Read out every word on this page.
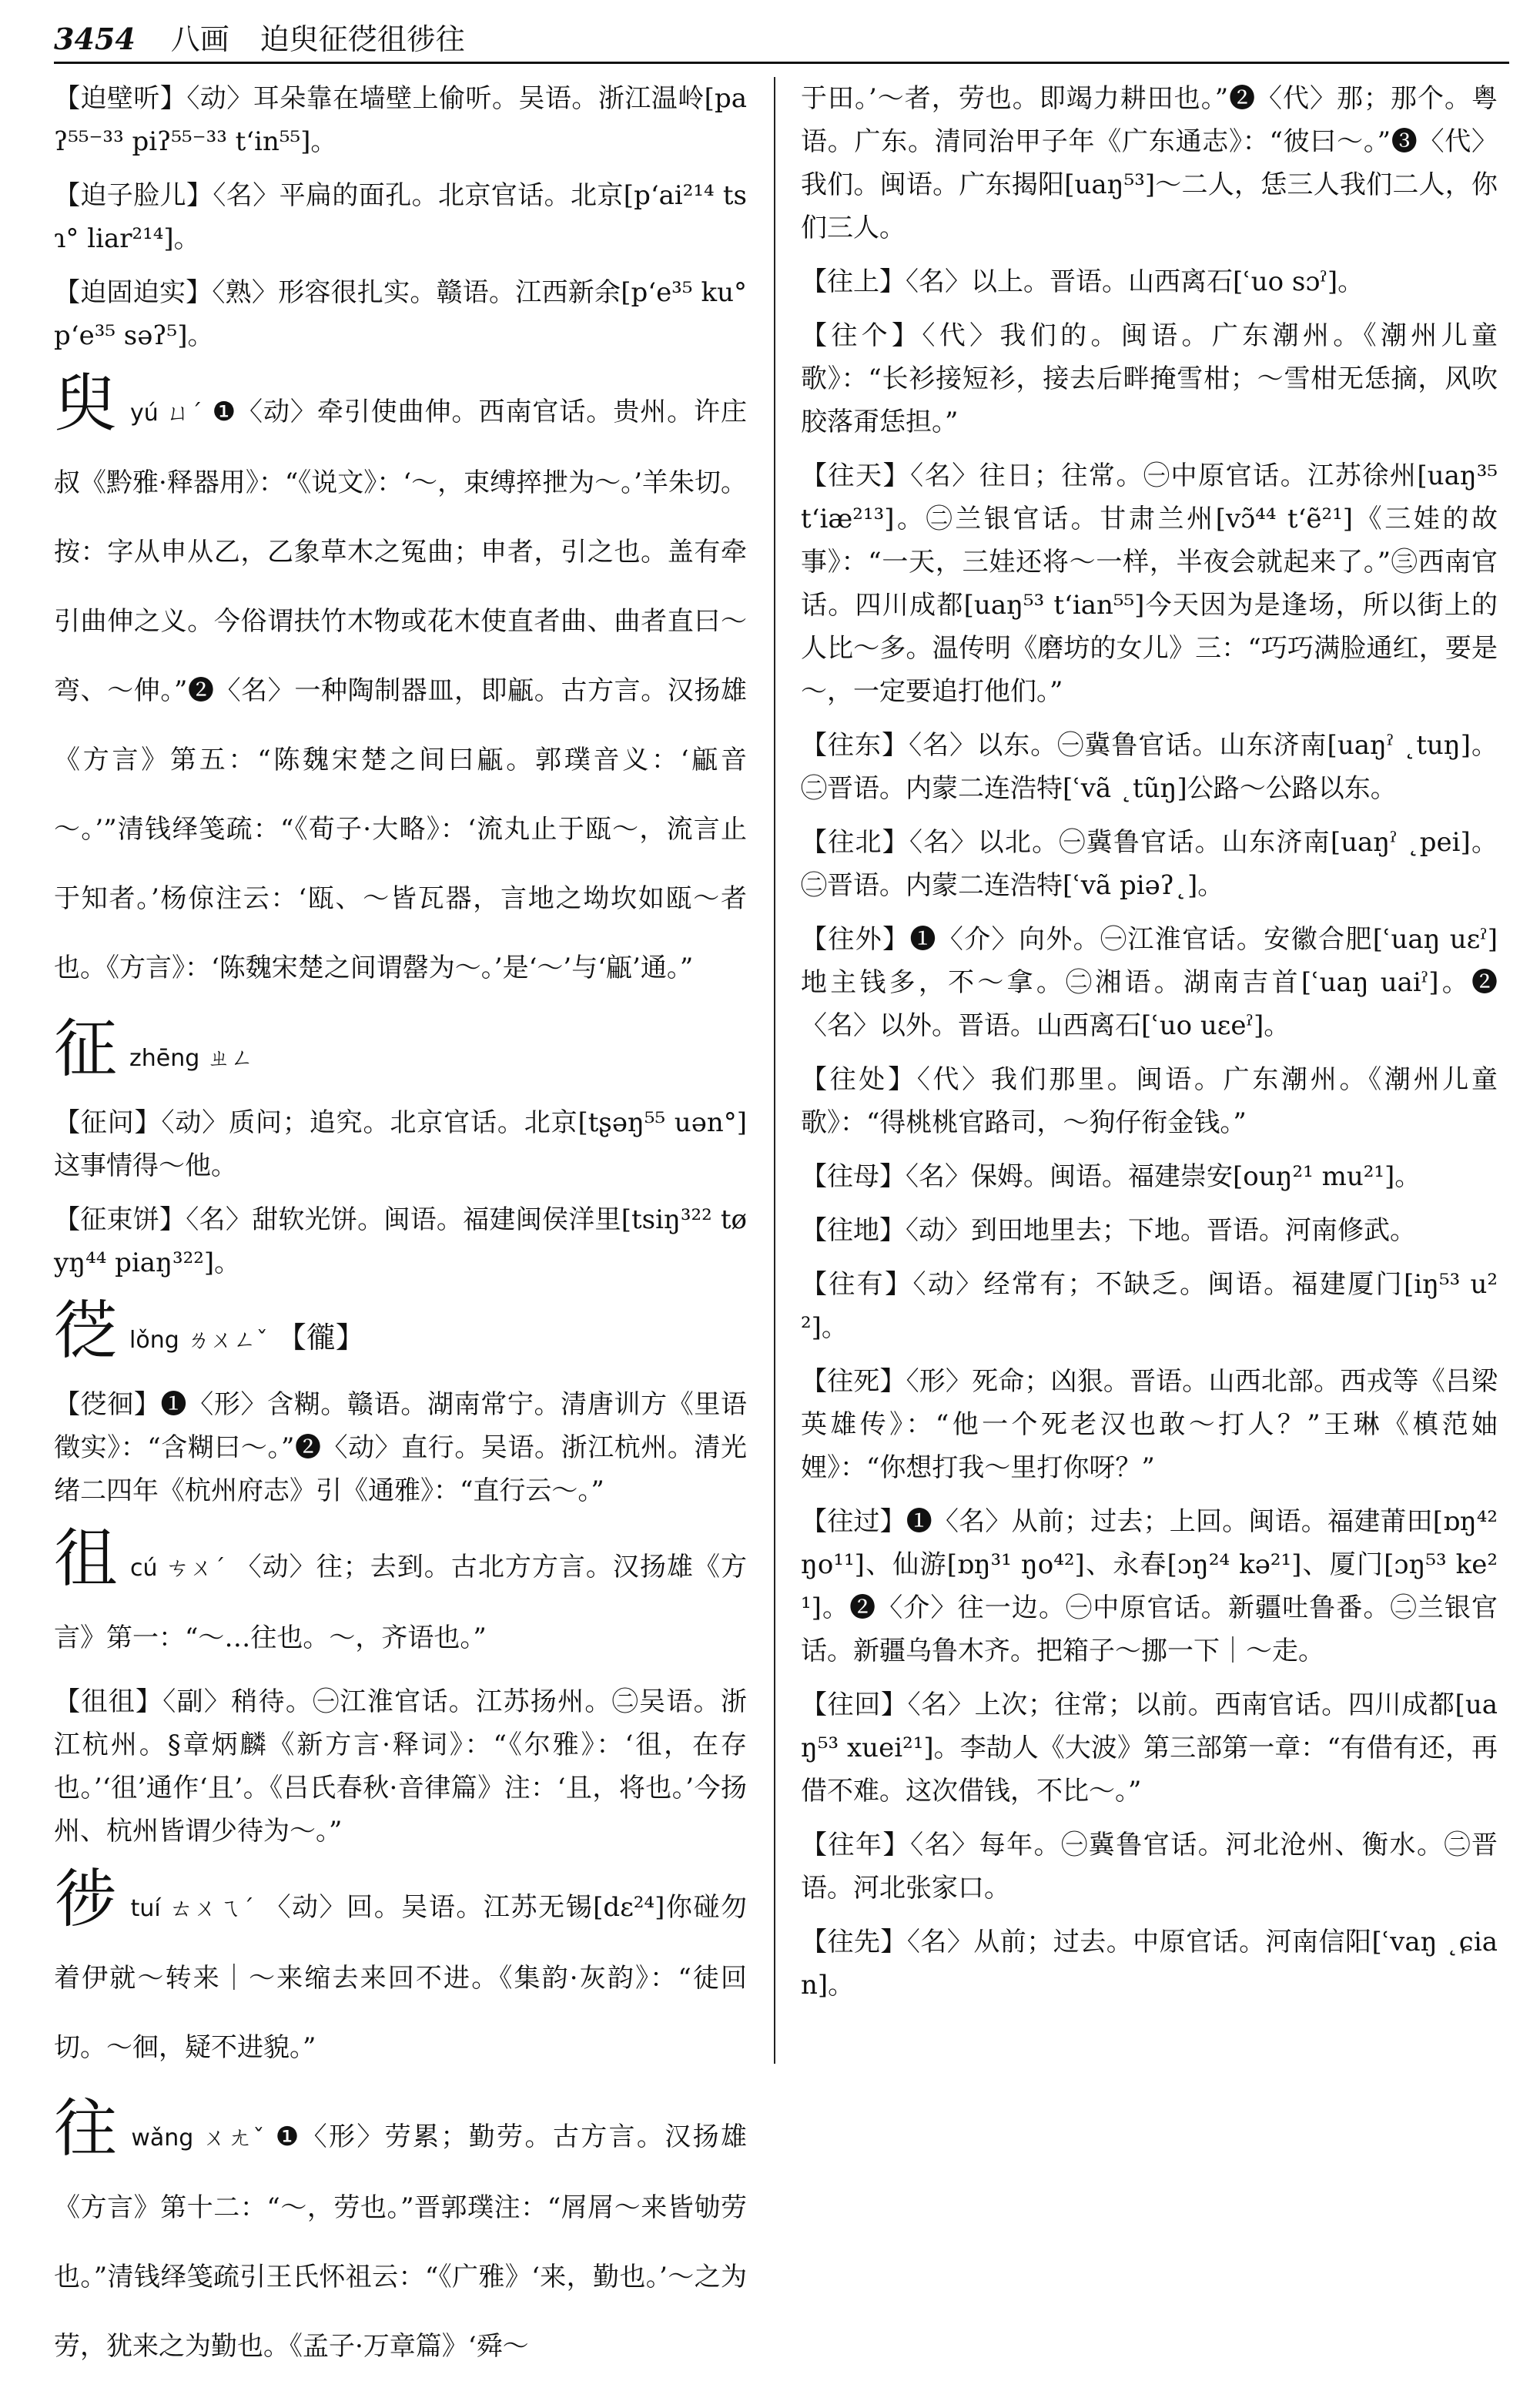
3454 八画 迫臾征徔徂徏往

【迫壁听】〈动〉耳朵靠在墙壁上偷听。吴语。浙江温岭[paʔ⁵⁵⁻³³ piʔ⁵⁵⁻³³ t‘in⁵⁵]。

【迫子脸儿】〈名〉平扁的面孔。北京官话。北京[p‘ai²¹⁴ tsɿ° liar²¹⁴]。

【迫固迫实】〈熟〉形容很扎实。赣语。江西新余[p‘e³⁵ ku° p‘e³⁵ səʔ⁵]。

臾yú ㄩˊ ❶〈动〉牵引使曲伸。西南官话。贵州。许庄叔《黔雅·释器用》：“《说文》：‘～，束缚捽抴为～。’羊朱切。按：字从申从乙，乙象草木之冤曲；申者，引之也。盖有牵引曲伸之义。今俗谓扶竹木物或花木使直者曲、曲者直曰～弯、～伸。”❷〈名〉一种陶制器皿，即甂。古方言。汉扬雄《方言》第五：“陈魏宋楚之间曰甂。郭璞音义：‘甂音～。’”清钱绎笺疏：“《荀子·大略》：‘流丸止于瓯～，流言止于知者。’杨倞注云：‘瓯、～皆瓦器，言地之坳坎如瓯～者也。《方言》：‘陈魏宋楚之间谓罄为～。’是‘～’与‘甂’通。”
征zhēng ㄓㄥ

【征问】〈动〉质问；追究。北京官话。北京[tʂəŋ⁵⁵ uən°]这事情得～他。

【征束饼】〈名〉甜软光饼。闽语。福建闽侯洋里[tsiŋ³²² tøyŋ⁴⁴ piaŋ³²²]。

徔lǒng ㄌㄨㄥˇ 【徿】

【徔徊】❶〈形〉含糊。赣语。湖南常宁。清唐训方《里语徵实》：“含糊曰～。”❷〈动〉直行。吴语。浙江杭州。清光绪二四年《杭州府志》引《通雅》：“直行云～。”

徂cú ㄘㄨˊ 〈动〉往；去到。古北方方言。汉扬雄《方言》第一：“～…往也。～，齐语也。”

【徂徂】〈副〉稍待。㊀江淮官话。江苏扬州。㊁吴语。浙江杭州。§章炳麟《新方言·释词》：“《尔雅》：‘徂，在存也。’‘徂’通作‘且’。《吕氏春秋·音律篇》注：‘且，将也。’今扬州、杭州皆谓少待为～。”

徏tuí ㄊㄨㄟˊ 〈动〉回。吴语。江苏无锡[dɛ²⁴]你碰勿着伊就～转来｜～来缩去来回不进。《集韵·灰韵》：“徒回切。～徊，疑不进貌。”
往wǎng ㄨㄤˇ ❶〈形〉劳累；勤劳。古方言。汉扬雄《方言》第十二：“～，劳也。”晋郭璞注：“屑屑～来皆劬劳也。”清钱绎笺疏引王氏怀祖云：“《广雅》‘来，勤也。’～之为劳，犹来之为勤也。《孟子·万章篇》‘舜～

于田。’～者，劳也。即竭力耕田也。”❷〈代〉那；那个。粤语。广东。清同治甲子年《广东通志》：“彼曰～。”❸〈代〉我们。闽语。广东揭阳[uaŋ⁵³]～二人，恁三人我们二人，你们三人。

【往上】〈名〉以上。晋语。山西离石[ʿuo sɔˀ]。

【往个】〈代〉我们的。闽语。广东潮州。《潮州儿童歌》：“长衫接短衫，接去后畔掩雪柑；～雪柑无恁摘，风吹胶落甭恁担。”

【往天】〈名〉往日；往常。㊀中原官话。江苏徐州[uaŋ³⁵ t‘iæ²¹³]。㊁兰银官话。甘肃兰州[vɔ̃⁴⁴ t‘ẽ²¹]《三娃的故事》：“一天，三娃还将～一样，半夜会就起来了。”㊂西南官话。四川成都[uaŋ⁵³ t‘ian⁵⁵]今天因为是逢场，所以街上的人比～多。温传明《磨坊的女儿》三：“巧巧满脸通红，要是～，一定要追打他们。”

【往东】〈名〉以东。㊀冀鲁官话。山东济南[uaŋˀ ˛tuŋ]。㊁晋语。内蒙二连浩特[ʿvã ˛tũŋ]公路～公路以东。

【往北】〈名〉以北。㊀冀鲁官话。山东济南[uaŋˀ ˛pei]。㊁晋语。内蒙二连浩特[ʿvã piəʔ˛]。

【往外】❶〈介〉向外。㊀江淮官话。安徽合肥[ʿuaŋ uɛˀ]地主钱多，不～拿。㊁湘语。湖南吉首[ʿuaŋ uaiˀ]。❷〈名〉以外。晋语。山西离石[ʿuo uɛeˀ]。

【往处】〈代〉我们那里。闽语。广东潮州。《潮州儿童歌》：“得桃桃官路司，～狗仔衔金钱。”

【往母】〈名〉保姆。闽语。福建崇安[ouŋ²¹ mu²¹]。

【往地】〈动〉到田地里去；下地。晋语。河南修武。

【往有】〈动〉经常有；不缺乏。闽语。福建厦门[iŋ⁵³ u²²]。

【往死】〈形〉死命；凶狠。晋语。山西北部。西戎等《吕梁英雄传》：“他一个死老汉也敢～打人？”王琳《槙范妯娌》：“你想打我～里打你呀？”

【往过】❶〈名〉从前；过去；上回。闽语。福建莆田[ɒŋ⁴² ŋo¹¹]、仙游[ɒŋ³¹ ŋo⁴²]、永春[ɔŋ²⁴ kə²¹]、厦门[ɔŋ⁵³ ke²¹]。❷〈介〉往一边。㊀中原官话。新疆吐鲁番。㊁兰银官话。新疆乌鲁木齐。把箱子～挪一下｜～走。

【往回】〈名〉上次；往常；以前。西南官话。四川成都[uaŋ⁵³ xuei²¹]。李劼人《大波》第三部第一章：“有借有还，再借不难。这次借钱，不比～。”

【往年】〈名〉每年。㊀冀鲁官话。河北沧州、衡水。㊁晋语。河北张家口。

【往先】〈名〉从前；过去。中原官话。河南信阳[ʿvaŋ ˛ɕian]。
